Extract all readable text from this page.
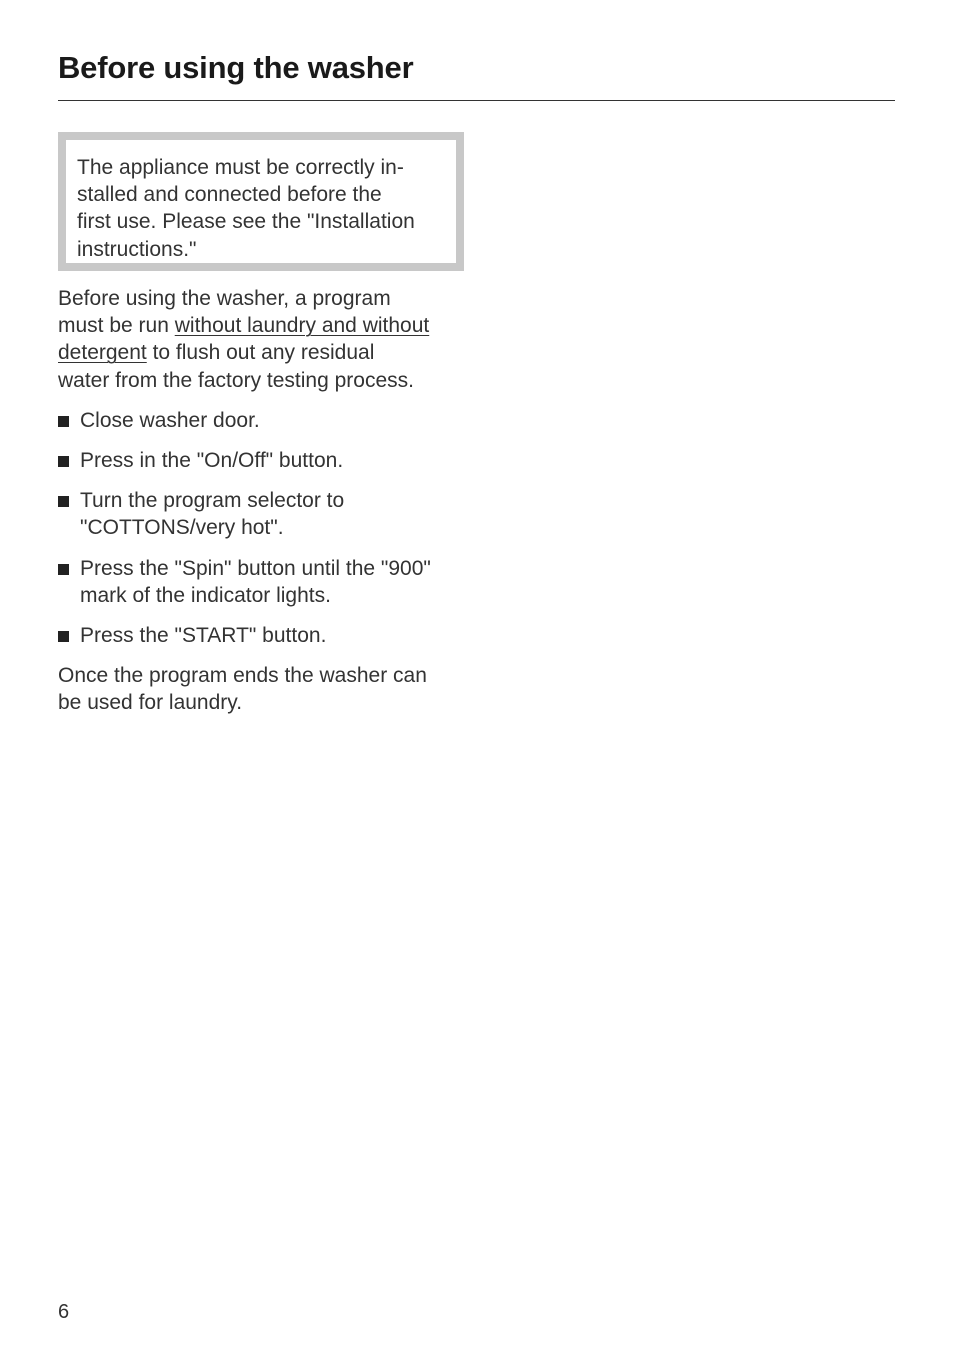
Before using the washer

The appliance must be correctly in-
stalled and connected before the
first use. Please see the "Installation
instructions."

Before using the washer, a program
must be run without laundry and without
detergent to flush out any residual
water from the factory testing process.

Close washer door.
Press in the "On/Off" button.
Turn the program selector to
"COTTONS/very hot".
Press the "Spin" button until the "900"
mark of the indicator lights.
Press the "START" button.

Once the program ends the washer can
be used for laundry.

6
